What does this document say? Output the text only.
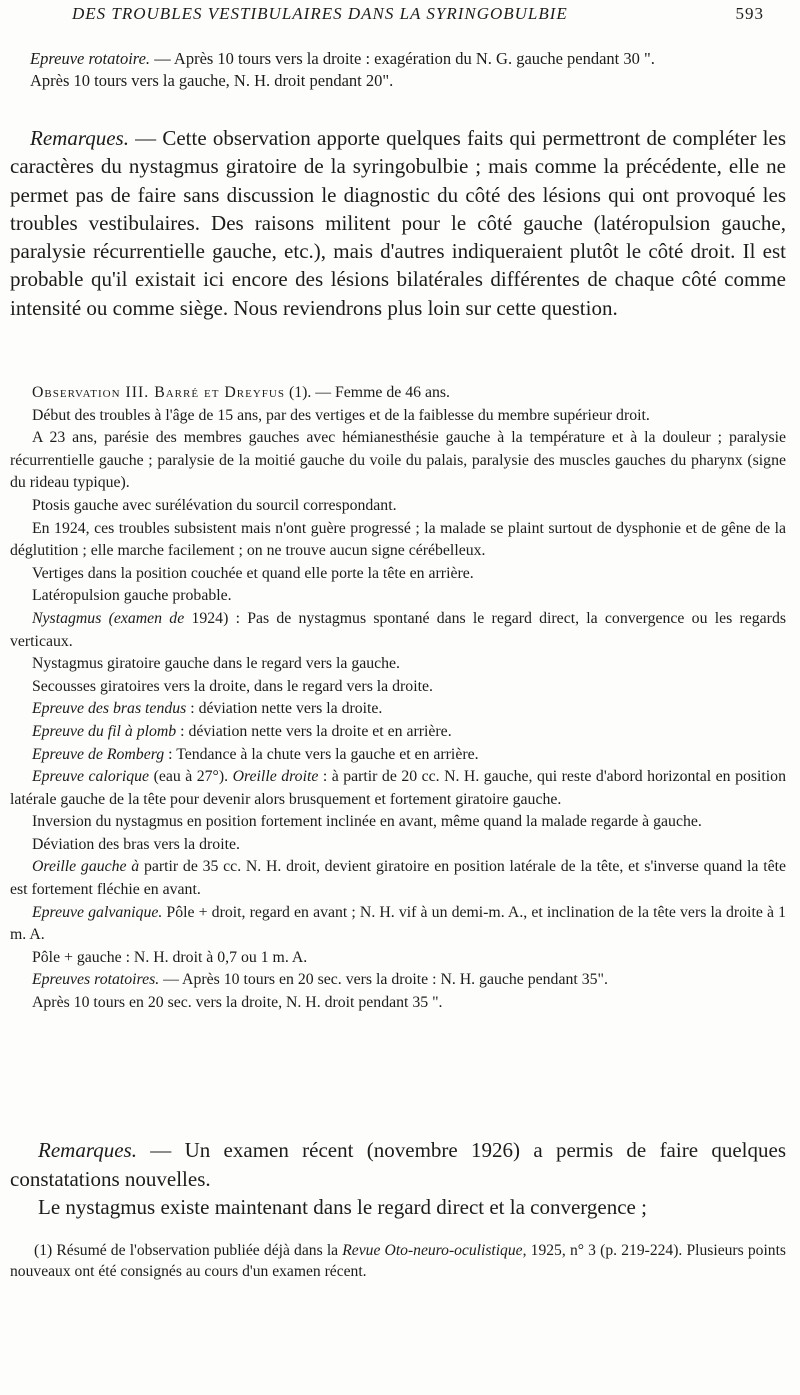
DES TROUBLES VESTIBULAIRES DANS LA SYRINGOBULBIE	593

Epreuve rotatoire. — Après 10 tours vers la droite : exagération du N. G. gauche pendant 30 ".

Après 10 tours vers la gauche, N. H. droit pendant 20".

Remarques. — Cette observation apporte quelques faits qui permettront de compléter les caractères du nystagmus giratoire de la syringobulbie ; mais comme la précédente, elle ne permet pas de faire sans discussion le diagnostic du côté des lésions qui ont provoqué les troubles vestibulaires. Des raisons militent pour le côté gauche (latéropulsion gauche, paralysie récurrentielle gauche, etc.), mais d'autres indiqueraient plutôt le côté droit. Il est probable qu'il existait ici encore des lésions bilatérales différentes de chaque côté comme intensité ou comme siège. Nous reviendrons plus loin sur cette question.

Observation III. Barré et Dreyfus (1). — Femme de 46 ans.

Début des troubles à l'âge de 15 ans, par des vertiges et de la faiblesse du membre supérieur droit.

A 23 ans, parésie des membres gauches avec hémianesthésie gauche à la température et à la douleur ; paralysie récurrentielle gauche ; paralysie de la moitié gauche du voile du palais, paralysie des muscles gauches du pharynx (signe du rideau typique).

Ptosis gauche avec surélévation du sourcil correspondant.

En 1924, ces troubles subsistent mais n'ont guère progressé ; la malade se plaint surtout de dysphonie et de gêne de la déglutition ; elle marche facilement ; on ne trouve aucun signe cérébelleux.

Vertiges dans la position couchée et quand elle porte la tête en arrière.

Latéropulsion gauche probable.

Nystagmus (examen de 1924) : Pas de nystagmus spontané dans le regard direct, la convergence ou les regards verticaux.

Nystagmus giratoire gauche dans le regard vers la gauche.

Secousses giratoires vers la droite, dans le regard vers la droite.

Epreuve des bras tendus : déviation nette vers la droite.

Epreuve du fil à plomb : déviation nette vers la droite et en arrière.

Epreuve de Romberg : Tendance à la chute vers la gauche et en arrière.

Epreuve calorique (eau à 27°). Oreille droite : à partir de 20 cc. N. H. gauche, qui reste d'abord horizontal en position latérale gauche de la tête pour devenir alors brusquement et fortement giratoire gauche.

Inversion du nystagmus en position fortement inclinée en avant, même quand la malade regarde à gauche.

Déviation des bras vers la droite.

Oreille gauche à partir de 35 cc. N. H. droit, devient giratoire en position latérale de la tête, et s'inverse quand la tête est fortement fléchie en avant.

Epreuve galvanique. Pôle + droit, regard en avant ; N. H. vif à un demi-m. A., et inclination de la tête vers la droite à 1 m. A.

Pôle + gauche : N. H. droit à 0,7 ou 1 m. A.

Epreuves rotatoires. — Après 10 tours en 20 sec. vers la droite : N. H. gauche pendant 35".

Après 10 tours en 20 sec. vers la droite, N. H. droit pendant 35 ".

Remarques. — Un examen récent (novembre 1926) a permis de faire quelques constatations nouvelles.

Le nystagmus existe maintenant dans le regard direct et la convergence ;

(1) Résumé de l'observation publiée déjà dans la Revue Oto-neuro-oculistique, 1925, n° 3 (p. 219-224). Plusieurs points nouveaux ont été consignés au cours d'un examen récent.
